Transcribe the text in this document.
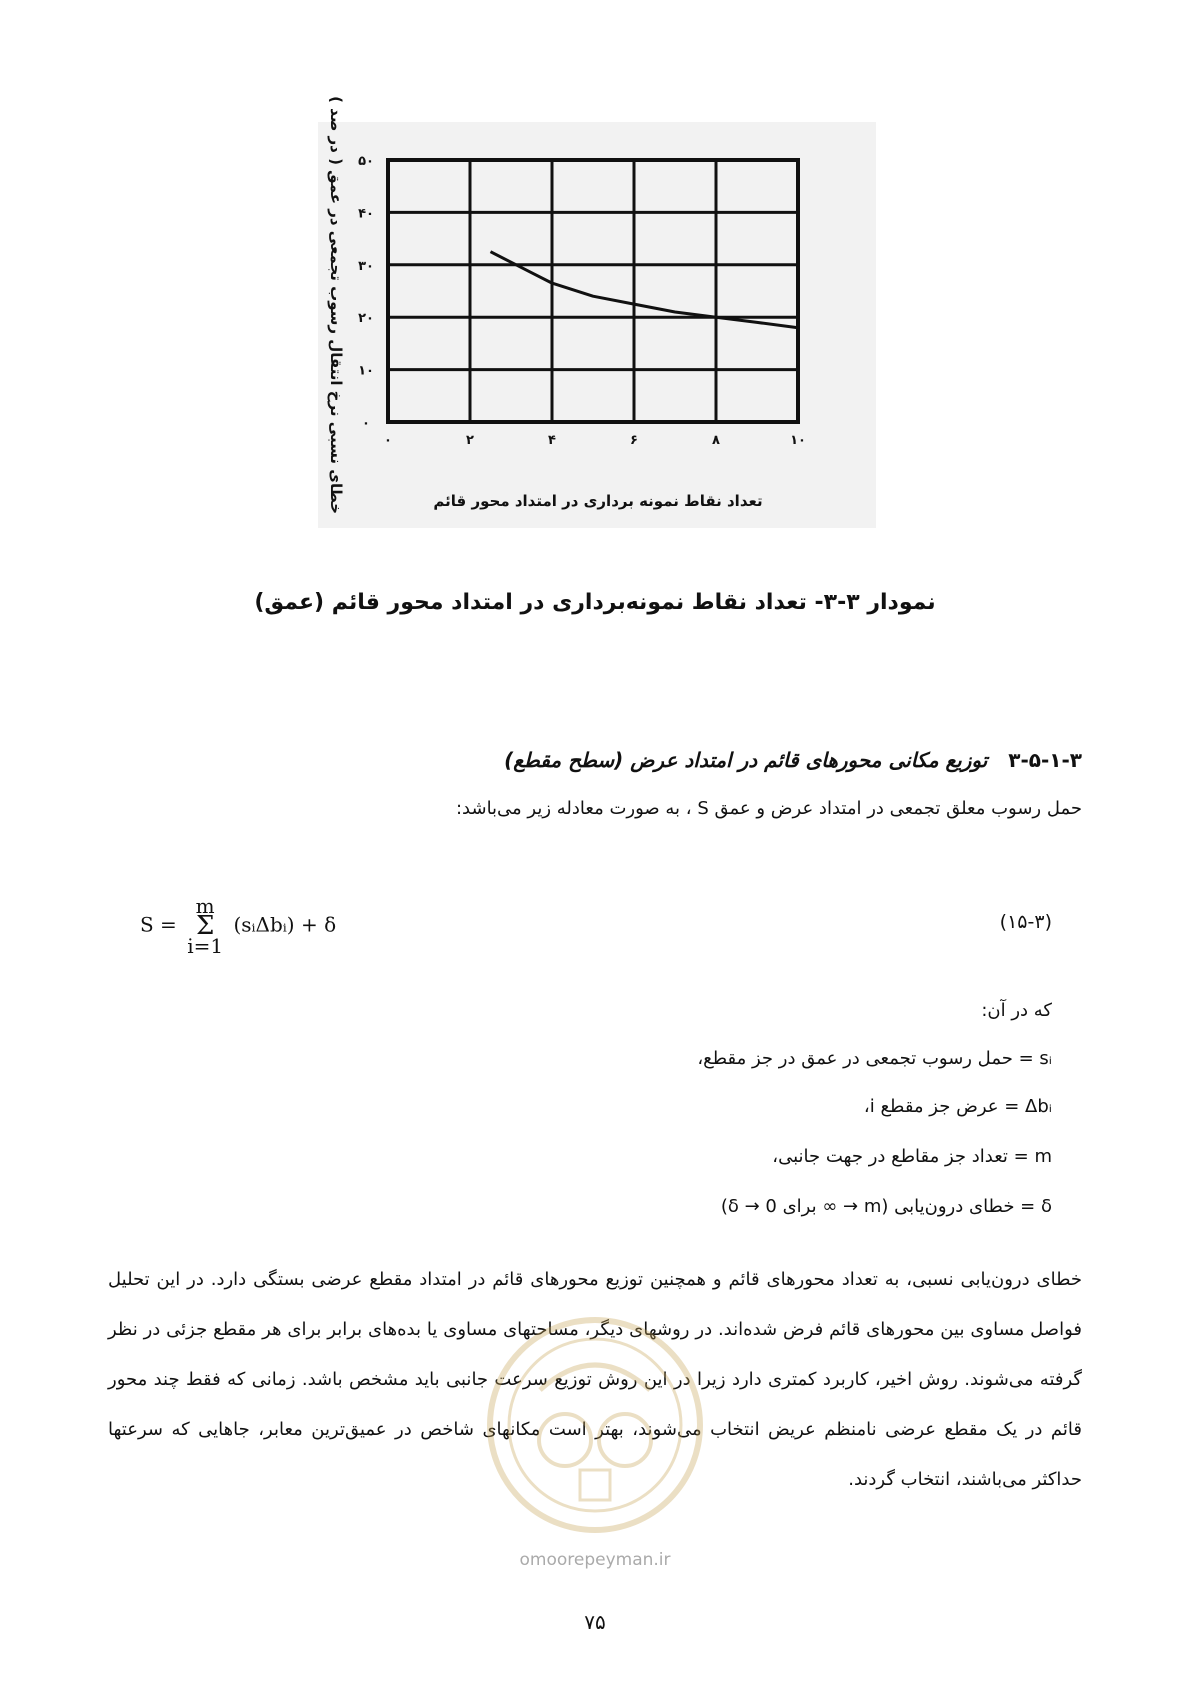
۰	۲	۴	۶	۸	۱۰
۰
۱۰
۲۰
۳۰
۴۰
۵۰
خطای نسبی نرخ انتقال رسوب تجمعی در عمق ( در صد )	تعداد نقاط نمونه برداری در امتداد محور قائم
نمودار ۳-۳- تعداد نقاط نمونه‌برداری در امتداد محور قائم (عمق)
۳-۵-۱-۳ توزیع مکانی محورهای قائم در امتداد عرض (سطح مقطع)
حمل رسوب معلق تجمعی در امتداد عرض و عمق S ، به صورت معادله زیر می‌باشد:
S =
m
Σ
i=1
(sᵢΔbᵢ) + δ	(۱۵-۳)
که در آن:
sᵢ = حمل رسوب تجمعی در عمق در جز مقطع،
Δbᵢ = عرض جز مقطع i،
m = تعداد جز مقاطع در جهت جانبی،
δ = خطای درون‌یابی (m → ∞ برای δ → 0)
خطای درون‌یابی نسبی، به تعداد محورهای قائم و همچنین توزیع محورهای قائم در امتداد مقطع عرضی بستگی دارد. در این تحلیل فواصل مساوی بین محورهای قائم فرض شده‌اند. در روشهای دیگر، مساحتهای مساوی یا بده‌های برابر برای هر مقطع جزئی در نظر گرفته می‌شوند. روش اخیر، کاربرد کمتری دارد زیرا در این روش توزیع سرعت جانبی باید مشخص باشد. زمانی که فقط چند محور قائم در یک مقطع عرضی نامنظم عریض انتخاب می‌شوند، بهتر است مکانهای شاخص در عمیق‌ترین معابر، جاهایی که سرعتها حداکثر می‌باشند، انتخاب گردند.
omoorepeyman.ir
۷۵
